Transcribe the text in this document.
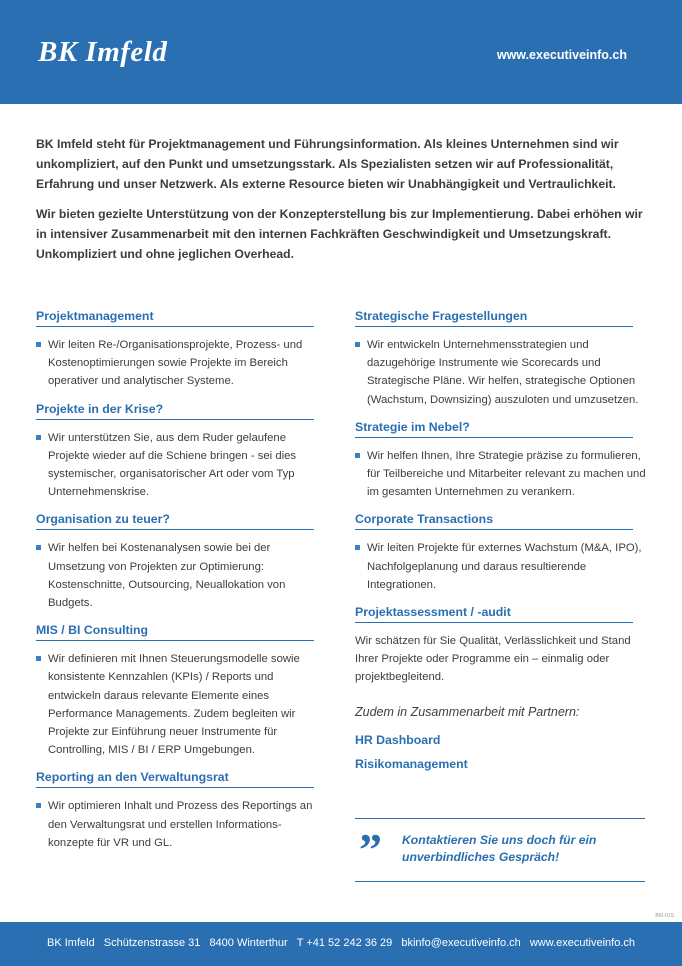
BK Imfeld	www.executiveinfo.ch

BK Imfeld steht für Projektmanagement und Führungsinformation. Als kleines Unternehmen sind wir unkompliziert, auf den Punkt und umsetzungsstark. Als Spezialisten setzen wir auf Professionalität, Erfahrung und unser Netzwerk. Als externe Resource bieten wir Unabhängigkeit und Vertraulichkeit.

Wir bieten gezielte Unterstützung von der Konzepterstellung bis zur Implementierung. Dabei erhöhen wir in intensiver Zusammenarbeit mit den internen Fachkräften Geschwindigkeit und Umsetzungskraft. Unkompliziert und ohne jeglichen Overhead.

Projektmanagement
Wir leiten Re-/Organisationsprojekte, Prozess- und Kostenoptimierungen sowie Projekte im Bereich operativer und analytischer Systeme.
Projekte in der Krise?
Wir unterstützen Sie, aus dem Ruder gelaufene Projekte wieder auf die Schiene bringen - sei dies systemischer, organisatorischer Art oder vom Typ Unternehmenskrise.
Organisation zu teuer?
Wir helfen bei Kostenanalysen sowie bei der Umsetzung von Projekten zur Optimierung: Kostenschnitte, Outsourcing, Neuallokation von Budgets.
MIS / BI Consulting
Wir definieren mit Ihnen Steuerungsmodelle sowie konsistente Kennzahlen (KPIs) / Reports und entwickeln daraus relevante Elemente eines Performance Managements. Zudem begleiten wir Projekte zur Einführung neuer Instrumente für Controlling, MIS / BI / ERP Umgebungen.
Reporting an den Verwaltungsrat
Wir optimieren Inhalt und Prozess des Reportings an den Verwaltungsrat und erstellen Informations-konzepte für VR und GL.
Strategische Fragestellungen
Wir entwickeln Unternehmensstrategien und dazugehörige Instrumente wie Scorecards und Strategische Pläne. Wir helfen, strategische Optionen (Wachstum, Downsizing) auszuloten und umzusetzen.
Strategie im Nebel?
Wir helfen Ihnen, Ihre Strategie präzise zu formulieren, für Teilbereiche und Mitarbeiter relevant zu machen und im gesamten Unternehmen zu verankern.
Corporate Transactions
Wir leiten Projekte für externes Wachstum (M&A, IPO), Nachfolgeplanung und daraus resultierende Integrationen.
Projektassessment / -audit

Wir schätzen für Sie Qualität, Verlässlichkeit und Stand Ihrer Projekte oder Programme ein – einmalig oder projektbegleitend.

Zudem in Zusammenarbeit mit Partnern:
HR Dashboard
Risikomanagement
” Kontaktieren Sie uns doch für ein unverbindliches Gespräch!
BKI-01S
BK Imfeld Schützenstrasse 31 8400 Winterthur T +41 52 242 36 29 bkinfo@executiveinfo.ch www.executiveinfo.ch
